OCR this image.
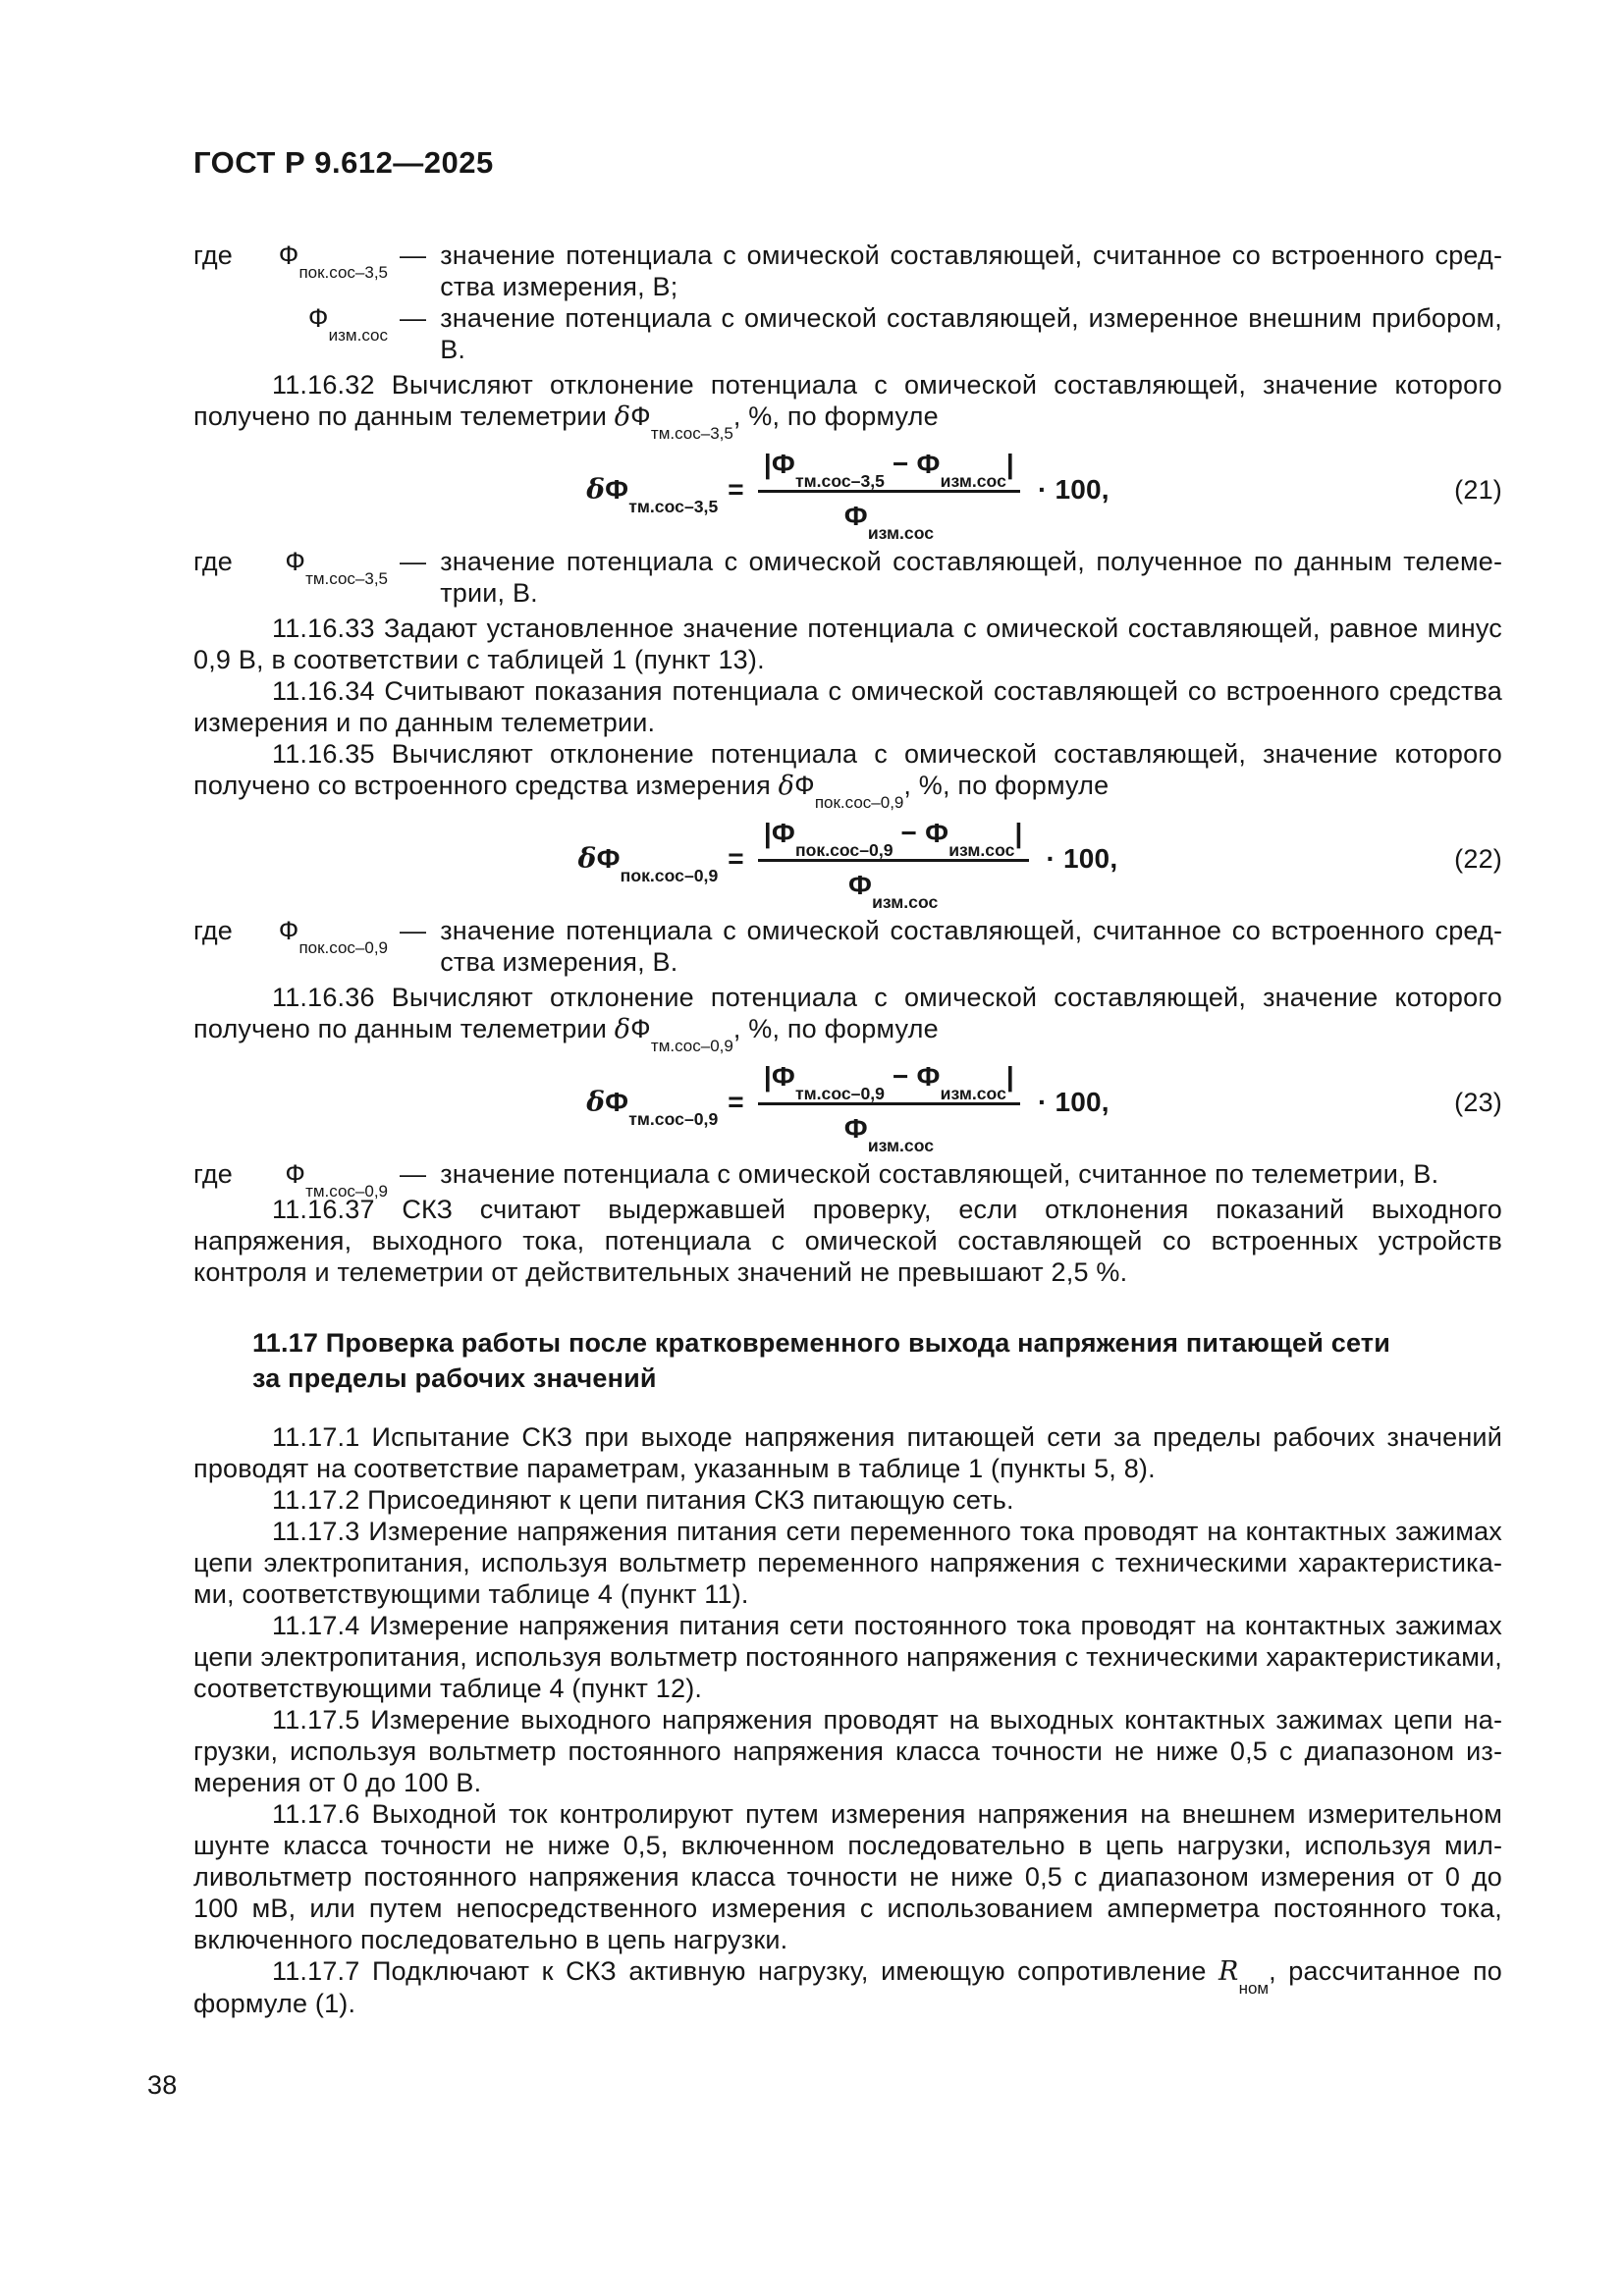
ГОСТ Р 9.612—2025
где	$Ф_{пок.сос-3,5}$
— значение потенциала с омической составляющей, считанное со встроенного средства измерения, В;
$Ф_{изм.сос}$
— значение потенциала с омической составляющей, измеренное внешним прибором, В.

11.16.32 Вычисляют отклонение потенциала с омической составляющей, значение которого получено по данным телеметрии $\delta Ф_{тм.сос-3,5}$, %, по формуле

$\delta Ф_{тм.сос-3,5}$
= $\frac{|Ф_{тм.сос-3,5}- Ф_{изм.сос}|}{Ф_{изм.сос}} \cdot 100$,	(21)
где	$Ф_{тм.сос-3,5}$
— значение потенциала с омической составляющей, полученное по данным телеметрии, В.

11.16.33 Задают установленное значение потенциала с омической составляющей, равное минус 0,9 В, в соответствии с таблицей 1 (пункт 13).

11.16.34 Считывают показания потенциала с омической составляющей со встроенного средства измерения и по данным телеметрии.

11.16.35 Вычисляют отклонение потенциала с омической составляющей, значение которого получено со встроенного средства измерения $\delta Ф_{пок.сос-0,9}$, %, по формуле

$\delta Ф_{пок.сос-0,9}$
= $\frac{|Ф_{пок.сос-0,9}- Ф_{изм.сос}|}{Ф_{изм.сос}} \cdot 100$,	(22)
где	$Ф_{пок.сос-0,9}$
— значение потенциала с омической составляющей, считанное со встроенного средства измерения, В.

11.16.36 Вычисляют отклонение потенциала с омической составляющей, значение которого получено по данным телеметрии $\delta Ф_{тм.сос-0,9}$, %, по формуле

$\delta Ф_{тм.сос-0,9}$
= $\frac{|Ф_{тм.сос-0,9}- Ф_{изм.сос}|}{Ф_{изм.сос}} \cdot 100$,	(23)
где	$Ф_{тм.сос-0,9}$
— значение потенциала с омической составляющей, считанное по телеметрии, В.

11.16.37 СКЗ считают выдержавшей проверку, если отклонения показаний выходного напряжения, выходного тока, потенциала с омической составляющей со встроенных устройств контроля и телеметрии от действительных значений не превышают 2,5 %.

11.17 Проверка работы после кратковременного выхода напряжения питающей сети
за пределы рабочих значений

11.17.1 Испытание СКЗ при выходе напряжения питающей сети за пределы рабочих значений проводят на соответствие параметрам, указанным в таблице 1 (пункты 5, 8).

11.17.2 Присоединяют к цепи питания СКЗ питающую сеть.

11.17.3 Измерение напряжения питания сети переменного тока проводят на контактных зажимах цепи электропитания, используя вольтметр переменного напряжения с техническими характеристиками, соответствующими таблице 4 (пункт 11).

11.17.4 Измерение напряжения питания сети постоянного тока проводят на контактных зажимах цепи электропитания, используя вольтметр постоянного напряжения с техническими характеристиками, соответствующими таблице 4 (пункт 12).

11.17.5 Измерение выходного напряжения проводят на выходных контактных зажимах цепи нагрузки, используя вольтметр постоянного напряжения класса точности не ниже 0,5 с диапазоном измерения от 0 до 100 В.

11.17.6 Выходной ток контролируют путем измерения напряжения на внешнем измерительном шунте класса точности не ниже 0,5, включенном последовательно в цепь нагрузки, используя милливольтметр постоянного напряжения класса точности не ниже 0,5 с диапазоном измерения от 0 до 100 мВ, или путем непосредственного измерения с использованием амперметра постоянного тока, включенного последовательно в цепь нагрузки.

11.17.7 Подключают к СКЗ активную нагрузку, имеющую сопротивление $R_{ном}$, рассчитанное по формуле (1).

38
